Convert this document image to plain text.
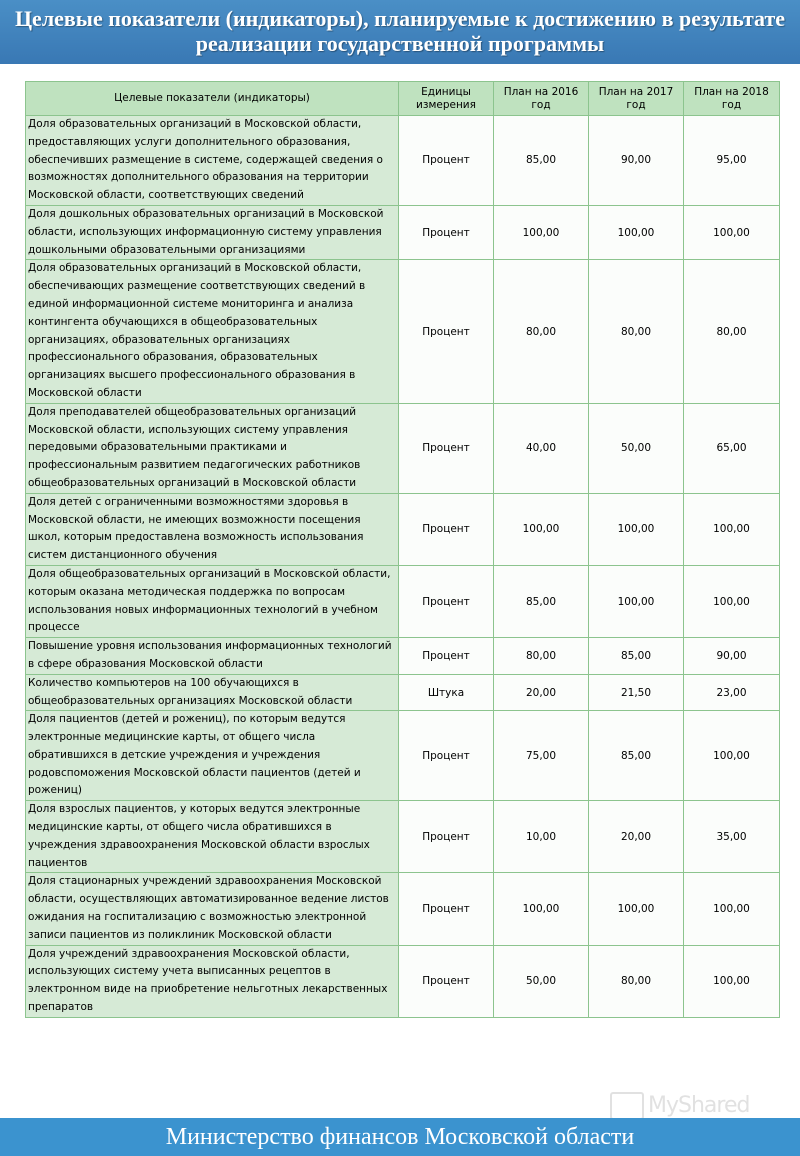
Целевые показатели (индикаторы), планируемые к достижению в результате реализации государственной программы
Целевые показатели (индикаторы)	Единицы измерения	План на 2016 год	План на 2017 год	План на 2018 год
Доля образовательных организаций в Московской области, предоставляющих услуги дополнительного образования, обеспечивших размещение в системе, содержащей сведения о возможностях дополнительного образования на территории Московской области, соответствующих сведений	Процент	85,00	90,00	95,00
Доля дошкольных образовательных организаций в Московской области, использующих информационную систему управления дошкольными образовательными организациями	Процент	100,00	100,00	100,00
Доля образовательных организаций в Московской области, обеспечивающих размещение соответствующих сведений в единой информационной системе мониторинга и анализа контингента обучающихся в общеобразовательных организациях, образовательных организациях профессионального образования, образовательных организациях высшего профессионального образования в Московской области	Процент	80,00	80,00	80,00
Доля преподавателей общеобразовательных организаций Московской области, использующих систему управления передовыми образовательными практиками и профессиональным развитием педагогических работников общеобразовательных организаций в Московской области	Процент	40,00	50,00	65,00
Доля детей с ограниченными возможностями здоровья в Московской области, не имеющих возможности посещения школ, которым предоставлена возможность использования систем дистанционного обучения	Процент	100,00	100,00	100,00
Доля общеобразовательных организаций в Московской области, которым оказана методическая поддержка по вопросам использования новых информационных технологий в учебном процессе	Процент	85,00	100,00	100,00
Повышение уровня использования информационных технологий в сфере образования Московской области	Процент	80,00	85,00	90,00
Количество компьютеров на 100 обучающихся в общеобразовательных организациях Московской области	Штука	20,00	21,50	23,00
Доля пациентов (детей и рожениц), по которым ведутся электронные медицинские карты, от общего числа обратившихся в детские учреждения и учреждения родовспоможения Московской области пациентов (детей и рожениц)	Процент	75,00	85,00	100,00
Доля взрослых пациентов, у которых ведутся электронные медицинские карты, от общего числа обратившихся в учреждения здравоохранения Московской области взрослых пациентов	Процент	10,00	20,00	35,00
Доля стационарных учреждений здравоохранения Московской области, осуществляющих автоматизированное ведение листов ожидания на госпитализацию с возможностью электронной записи пациентов из поликлиник Московской области	Процент	100,00	100,00	100,00
Доля учреждений здравоохранения Московской области, использующих систему учета выписанных рецептов в электронном виде на приобретение нельготных лекарственных препаратов	Процент	50,00	80,00	100,00
MyShared
Министерство финансов Московской области
